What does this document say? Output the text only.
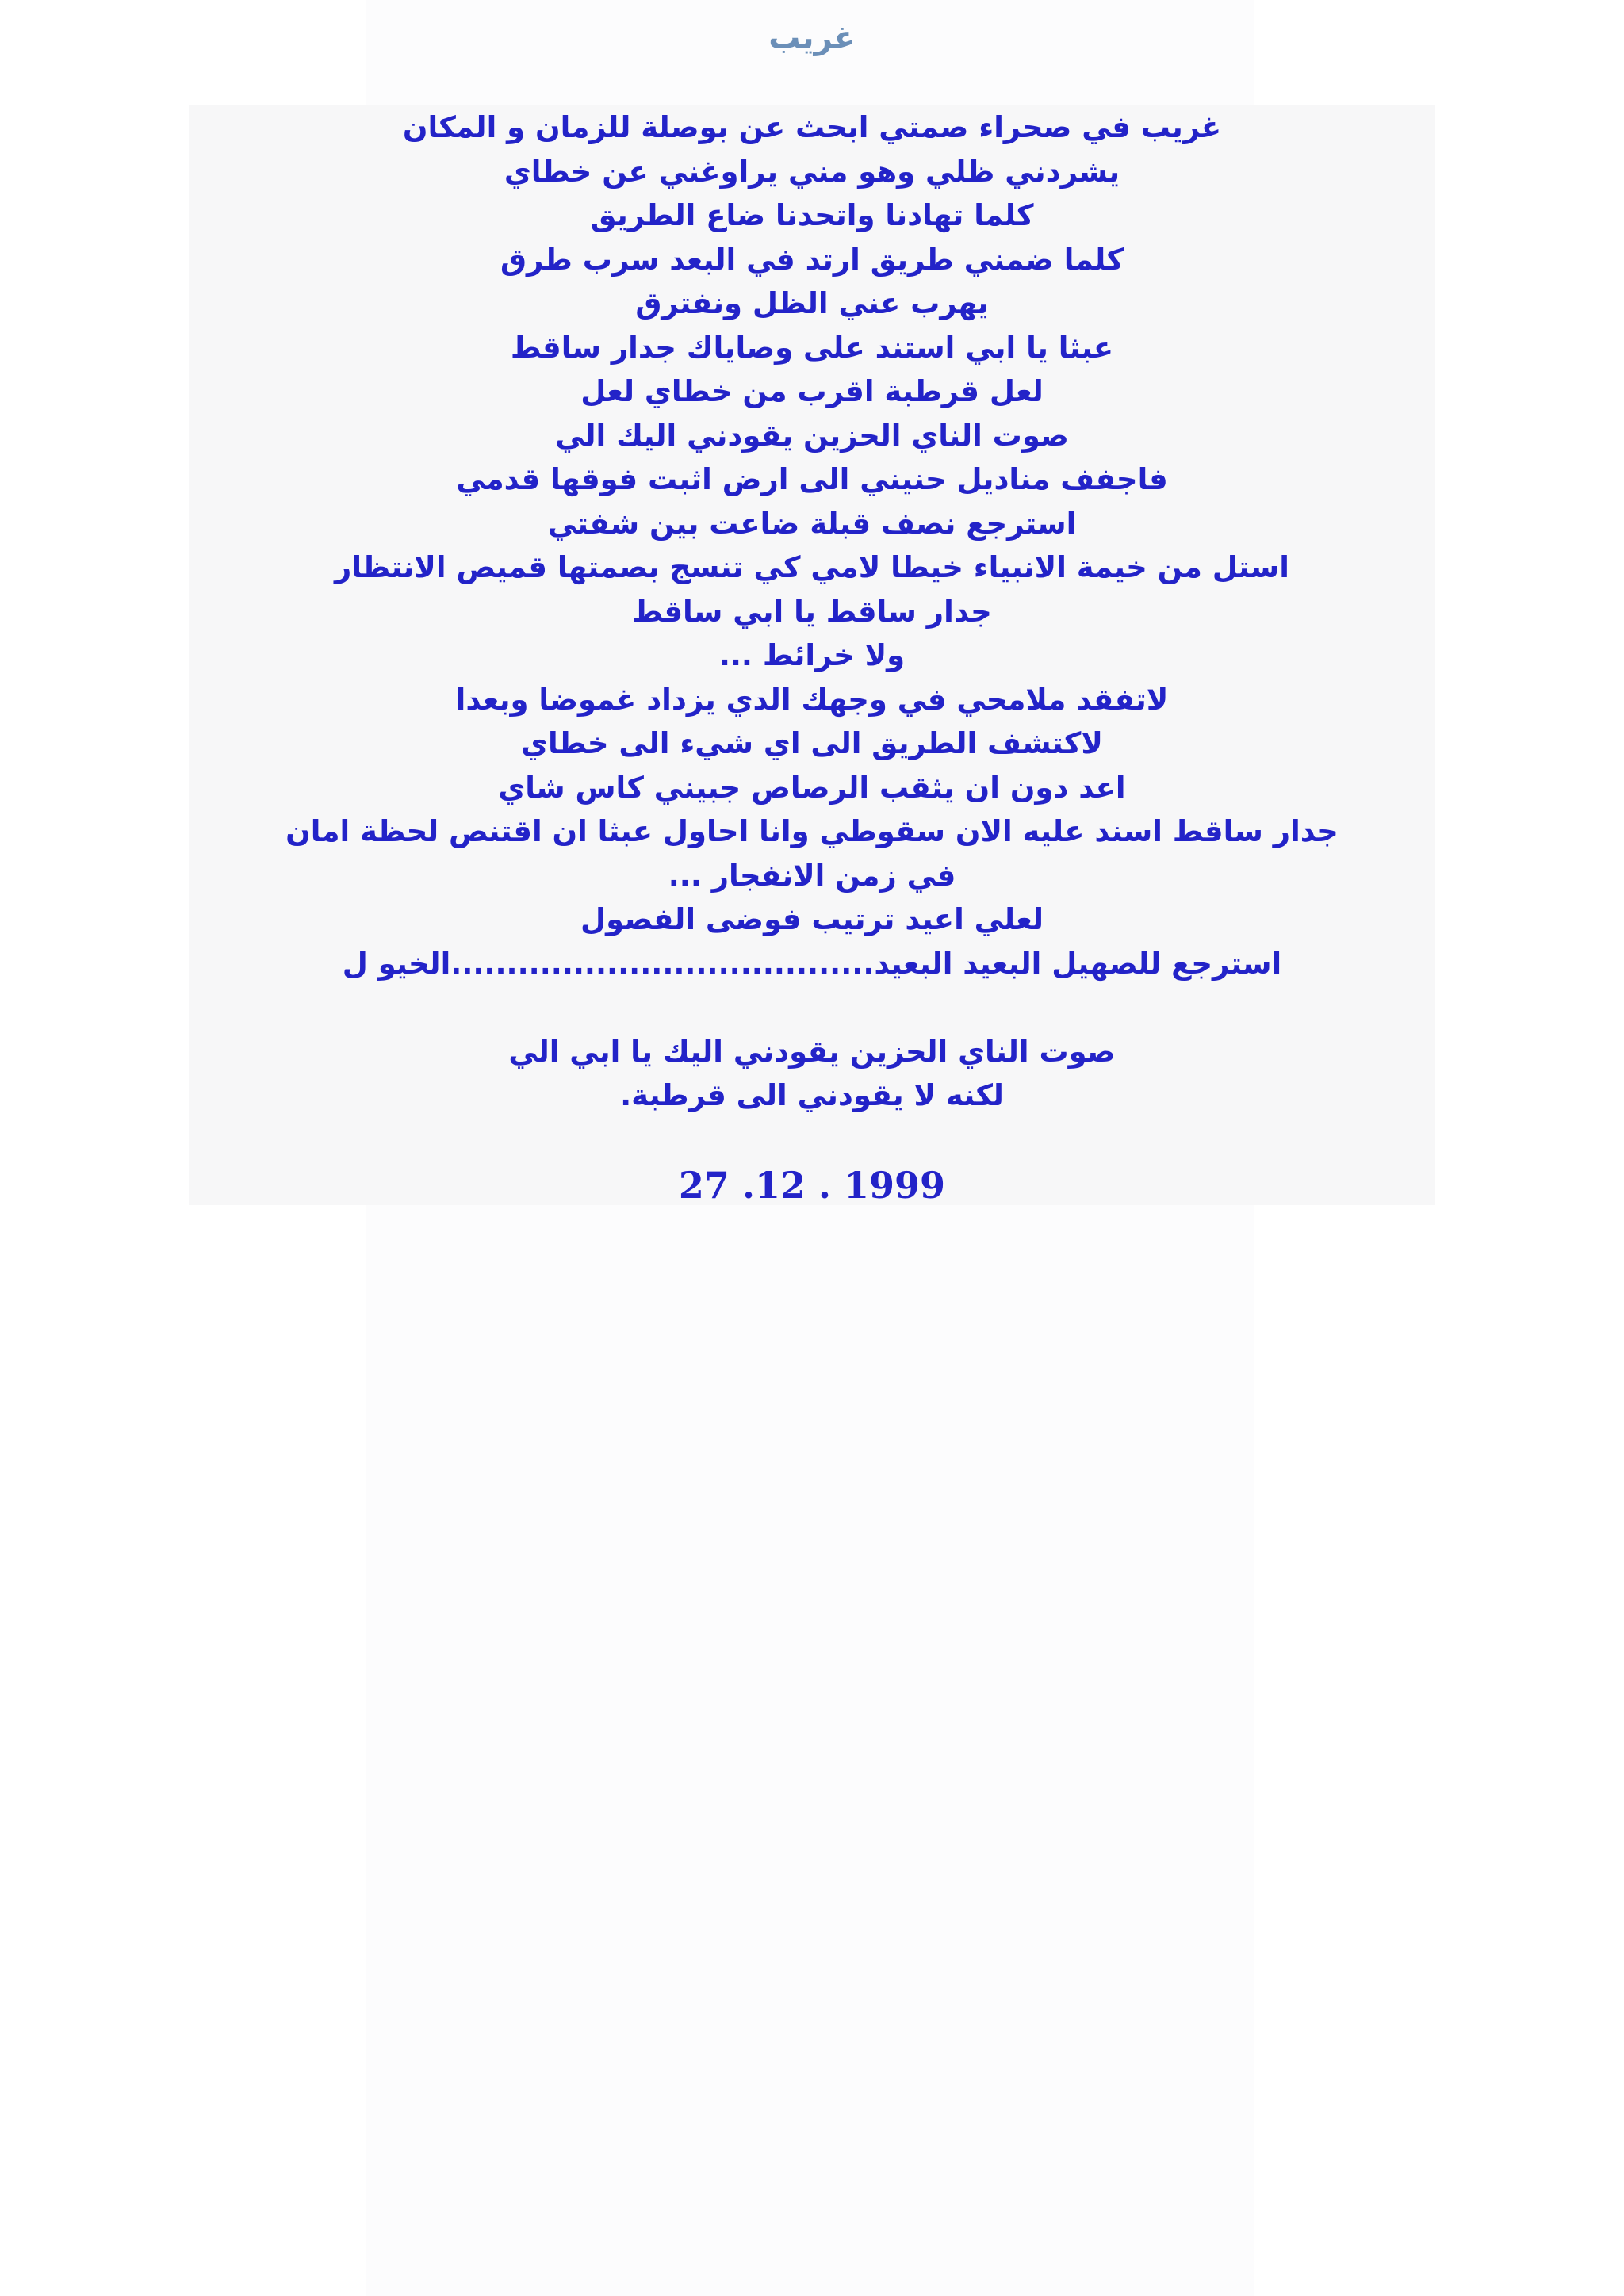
غريب
غريب في صحراء صمتي ابحث عن بوصلة للزمان و المكان
يشردني ظلي وهو مني يراوغني عن خطاي
كلما تهادنا واتحدنا ضاع الطريق
كلما ضمني طريق ارتد في البعد سرب طرق
يهرب عني الظل ونفترق
عبثا يا ابي استند على وصاياك جدار ساقط
لعل قرطبة اقرب من خطاي لعل
صوت الناي الحزين يقودني اليك الي
فاجفف مناديل حنيني الى ارض اثبت فوقها قدمي
استرجع نصف قبلة ضاعت بين شفتي
استل من خيمة الانبياء خيطا لامي كي تنسج بصمتها قميص الانتظار
جدار ساقط يا ابي ساقط
ولا خرائط ...
لاتفقد ملامحي في وجهك الدي يزداد غموضا وبعدا
لاكتشف الطريق الى اي شيء الى خطاي
اعد دون ان يثقب الرصاص جبيني كاس شاي
جدار ساقط اسند عليه الان سقوطي وانا احاول عبثا ان اقتنص لحظة امان
في زمن الانفجار ...
لعلي اعيد ترتيب فوضى الفصول
استرجع للصهيل البعيد البعيد......................................الخيو ل
صوت الناي الحزين يقودني اليك يا ابي الي
لكنه لا يقودني الى قرطبة.
27 .12 . 1999
